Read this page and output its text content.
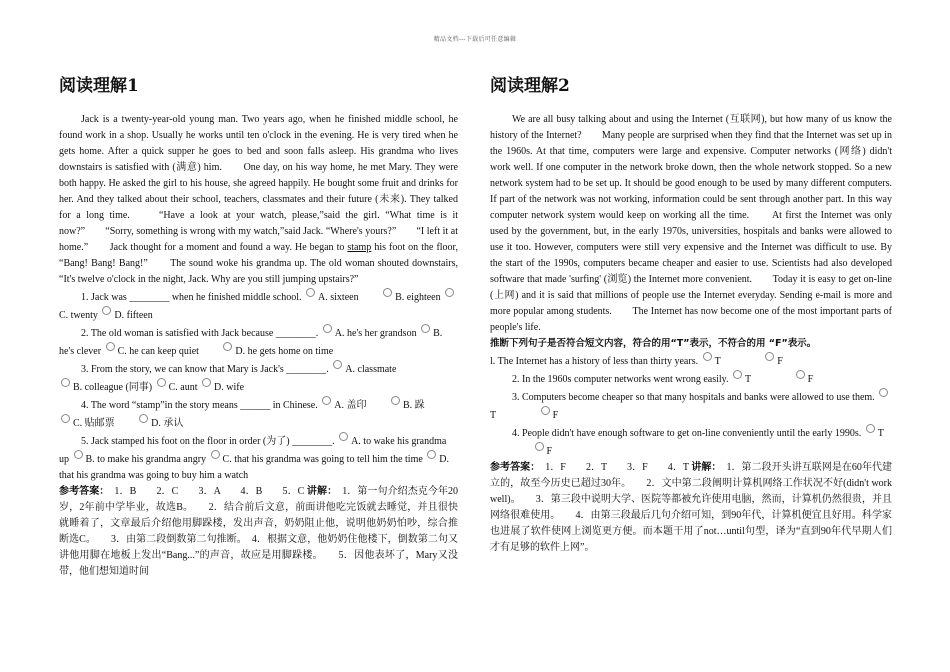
精品文档---下载后可任意编辑
阅读理解1

Jack is a twenty-year-old young man. Two years ago, when he finished middle school, he found work in a shop. Usually he works until ten o'clock in the evening. He is very tired when he gets home. After a quick supper he goes to bed and soon falls asleep. His grandma who lives downstairs is satisfied with (满意) him.　　One day, on his way home, he met Mary. They were both happy. He asked the girl to his house, she agreed happily. He bought some fruit and drinks for her. And they talked about their school, teachers, classmates and their future (未来). They talked for a long time.　　“Have a look at your watch, please,”said the girl. “What time is it now?”　　“Sorry, something is wrong with my watch,”said Jack. “Where's yours?”　　“I left it at home.”　　Jack thought for a moment and found a way. He began to stamp his foot on the floor, “Bang! Bang! Bang!”　　The sound woke his grandma up. The old woman shouted downstairs, “It's twelve o'clock in the night, Jack. Why are you still jumping upstairs?”

1. Jack was ________ when he finished middle school. A. sixteen	B. eighteen C. twenty D. fifteen

2. The old woman is satisfied with Jack because ________. A. he's her grandson B. he's clever C. he can keep quiet	D. he gets home on time

3. From the story, we can know that Mary is Jack's ________. A. classmate
B. colleague (同事) C. aunt D. wife

4. The word “stamp”in the story means ______ in Chinese. A. 盖印	B. 跺 C. 贴邮票	D. 承认

5. Jack stamped his foot on the floor in order (为了) ________. A. to wake his grandma up B. to make his grandma angry C. that his grandma was going to tell him the time D. that his grandma was going to buy him a watch

参考答案：　1．B　　2．C　　3．A　　4．B　　5．C 讲解：　1．第一句介绍杰克今年20岁，2年前中学毕业，故选B。　　2．结合前后文意，前面讲他吃完饭就去睡觉，并且很快就睡着了，文章最后介绍他用脚跺楼，发出声音，奶奶阻止他，说明他奶奶怕吵，综合推断选C。　　3．由第二段倒数第二句推断。　4．根据文意，他奶奶住他楼下，倒数第二句又讲他用脚在地板上发出“Bang...”的声音，故应是用脚跺楼。　　5．因他表坏了，Mary又没带，他们想知道时间

阅读理解2

We are all busy talking about and using the Internet (互联网), but how many of us know the history of the Internet?　　Many people are surprised when they find that the Internet was set up in the 1960s. At that time, computers were large and expensive. Computer networks (网络) didn't work well. If one computer in the network broke down, then the whole network stopped. So a new network system had to be set up. It should be good enough to be used by many different computers. If part of the network was not working, information could be sent through another part. In this way computer network system would keep on working all the time.　　At first the Internet was only used by the government, but, in the early 1970s, universities, hospitals and banks were allowed to use it too. However, computers were still very expensive and the Internet was difficult to use. By the start of the 1990s, computers became cheaper and easier to use. Scientists had also developed software that made 'surfing' (浏览) the Internet more convenient.　　Today it is easy to get on-line (上网) and it is said that millions of people use the Internet everyday. Sending e-mail is more and more popular among students.　　The Internet has now become one of the most important parts of people's life.

推断下列句子是否符合短文内容，符合的用“T”表示，不符合的用 “F”表示。

l. The Internet has a history of less than thirty years. T	F

2. In the 1960s computer networks went wrong easily. T	F

3. Computers become cheaper so that many hospitals and banks were allowed to use them. T	F

4. People didn't have enough software to get on-line conveniently until the early 1990s. T F

参考答案：　1．F　　2．T　　3．F　　4．T 讲解：　1．第二段开头讲互联网是在60年代建立的，故至今历史已超过30年。　　2．文中第二段阐明计算机网络工作状况不好(didn't work well)。　　3．第三段中说明大学、医院等都被允许使用电脑，然而，计算机仍然很贵，并且网络很难使用。　　4．由第三段最后几句介绍可知，到90年代，计算机便宜且好用。科学家也进展了软件使网上浏览更方便。而本题干用了not…until句型，译为“直到90年代早期人们才有足够的软件上网”。
